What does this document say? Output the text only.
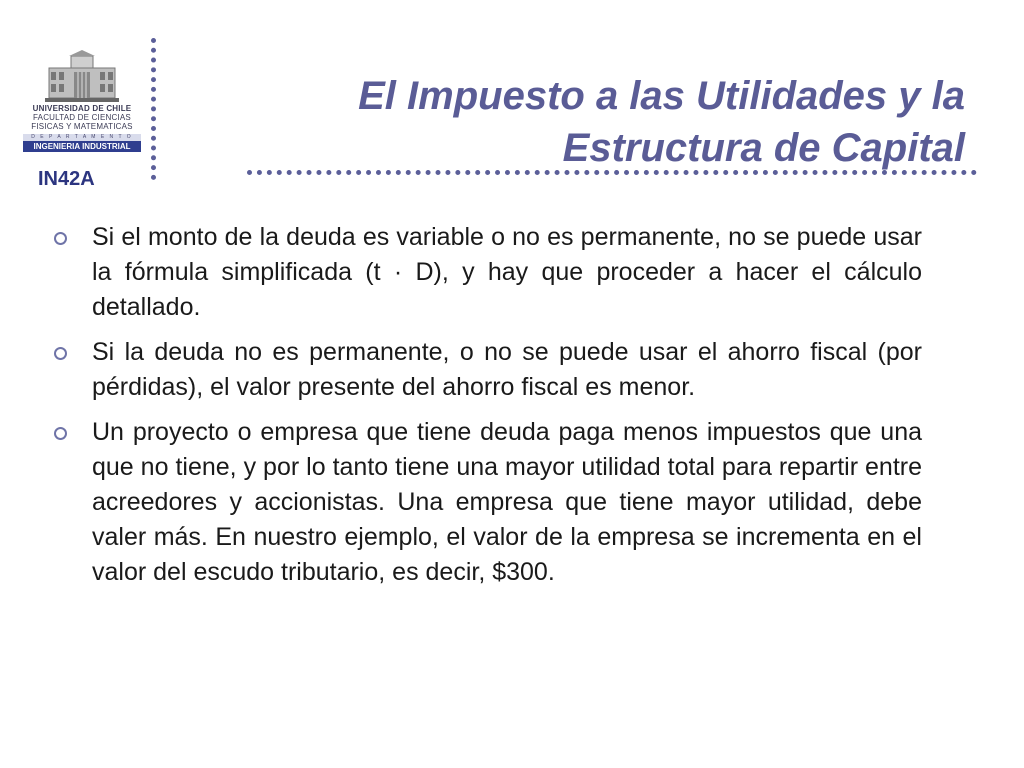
UNIVERSIDAD DE CHILE
FACULTAD DE CIENCIAS
FISICAS Y MATEMATICAS
D E P A R T A M E N T O
INGENIERIA INDUSTRIAL
IN42A
El Impuesto a las Utilidades y la
Estructura de Capital
Si el monto de la deuda es variable o no es permanente, no se puede usar la fórmula simplificada (t · D), y hay que proceder a hacer el cálculo detallado.
Si la deuda no es permanente, o no se puede usar el ahorro fiscal (por pérdidas), el valor presente del ahorro fiscal es menor.
Un proyecto o empresa que tiene deuda paga menos impuestos que una que no tiene, y por lo tanto tiene una mayor utilidad total para repartir entre acreedores y accionistas. Una empresa que tiene mayor utilidad, debe valer más. En nuestro ejemplo, el valor de la empresa se incrementa en el valor del escudo tributario, es decir, $300.
